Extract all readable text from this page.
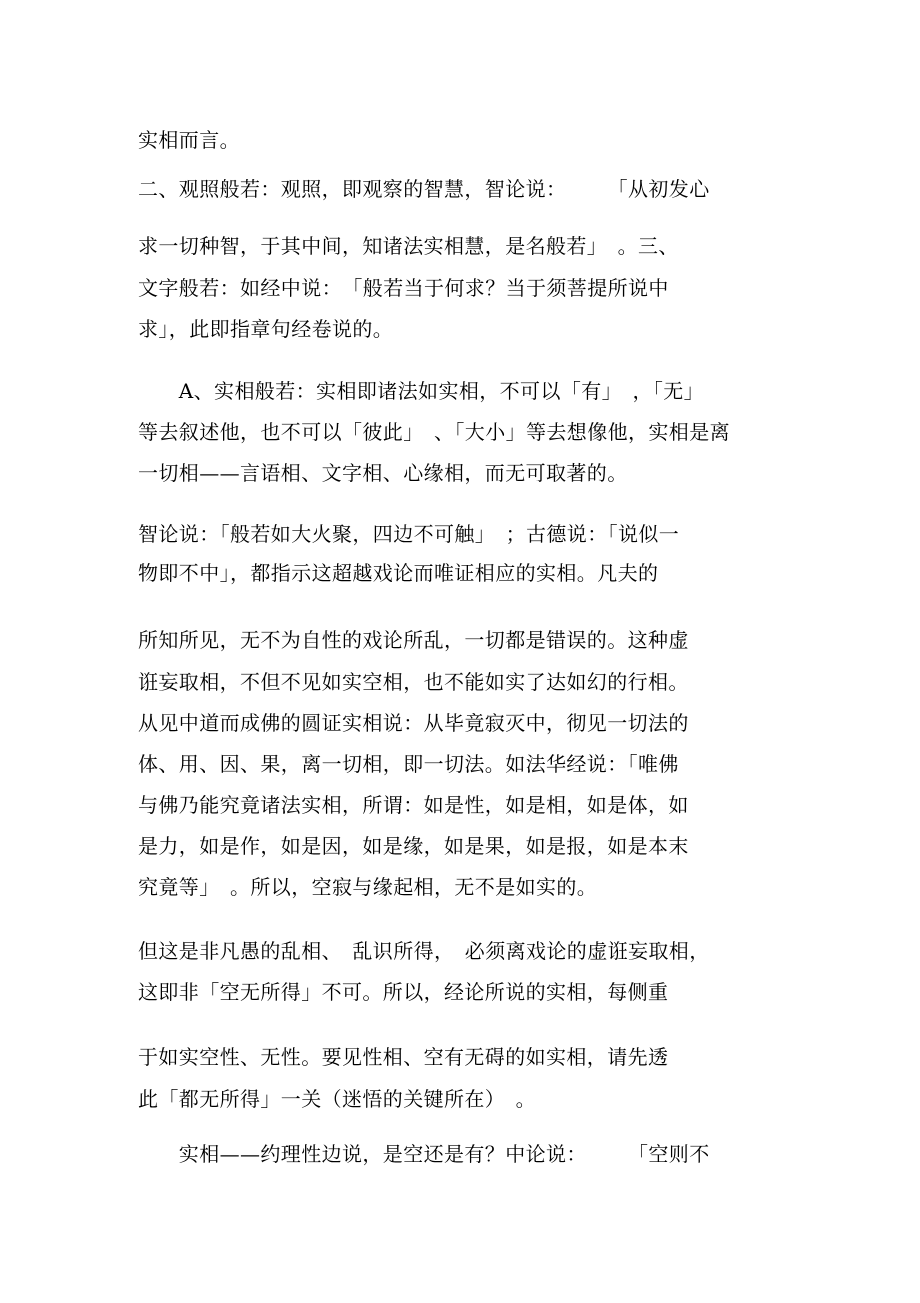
实相而言。
二、观照般若：观照，即观察的智慧，智论说：　　　「从初发心
求一切种智，于其中间，知诸法实相慧，是名般若」　。三、
文字般若：如经中说：　「般若当于何求？当于须菩提所说中
求」，此即指章句经卷说的。
　　A、实相般若：实相即诸法如实相，不可以「有」　，「无」
等去叙述他，也不可以「彼此」　、「大小」等去想像他，实相是离
一切相——言语相、文字相、心缘相，而无可取著的。
智论说：「般若如大火聚，四边不可触」　；古德说：「说似一
物即不中」，都指示这超越戏论而唯证相应的实相。凡夫的
所知所见，无不为自性的戏论所乱，一切都是错误的。这种虚
诳妄取相，不但不见如实空相，也不能如实了达如幻的行相。
从见中道而成佛的圆证实相说：从毕竟寂灭中，彻见一切法的
体、用、因、果，离一切相，即一切法。如法华经说：「唯佛
与佛乃能究竟诸法实相，所谓：如是性，如是相，如是体，如
是力，如是作，如是因，如是缘，如是果，如是报，如是本末
究竟等」　。所以，空寂与缘起相，无不是如实的。
但这是非凡愚的乱相、　乱识所得，　必须离戏论的虚诳妄取相，
这即非「空无所得」不可。所以，经论所说的实相，每侧重
于如实空性、无性。要见性相、空有无碍的如实相，请先透
此「都无所得」一关（迷悟的关键所在）　。
　　实相——约理性边说，是空还是有？中论说：　　　「空则不
